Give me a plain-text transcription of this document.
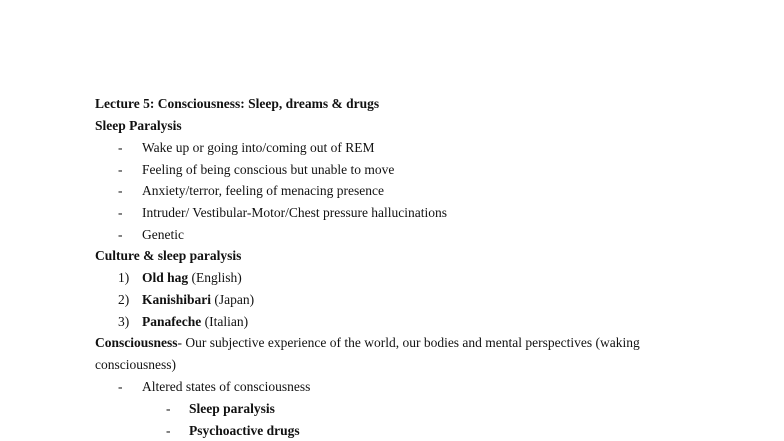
Lecture 5: Consciousness: Sleep, dreams & drugs
Sleep Paralysis
- Wake up or going into/coming out of REM
- Feeling of being conscious but unable to move
- Anxiety/terror, feeling of menacing presence
- Intruder/ Vestibular-Motor/Chest pressure hallucinations
- Genetic
Culture & sleep paralysis
1) Old hag (English)
2) Kanishibari (Japan)
3) Panafeche (Italian)
Consciousness- Our subjective experience of the world, our bodies and mental perspectives (waking
consciousness)
- Altered states of consciousness
- Sleep paralysis
- Psychoactive drugs
